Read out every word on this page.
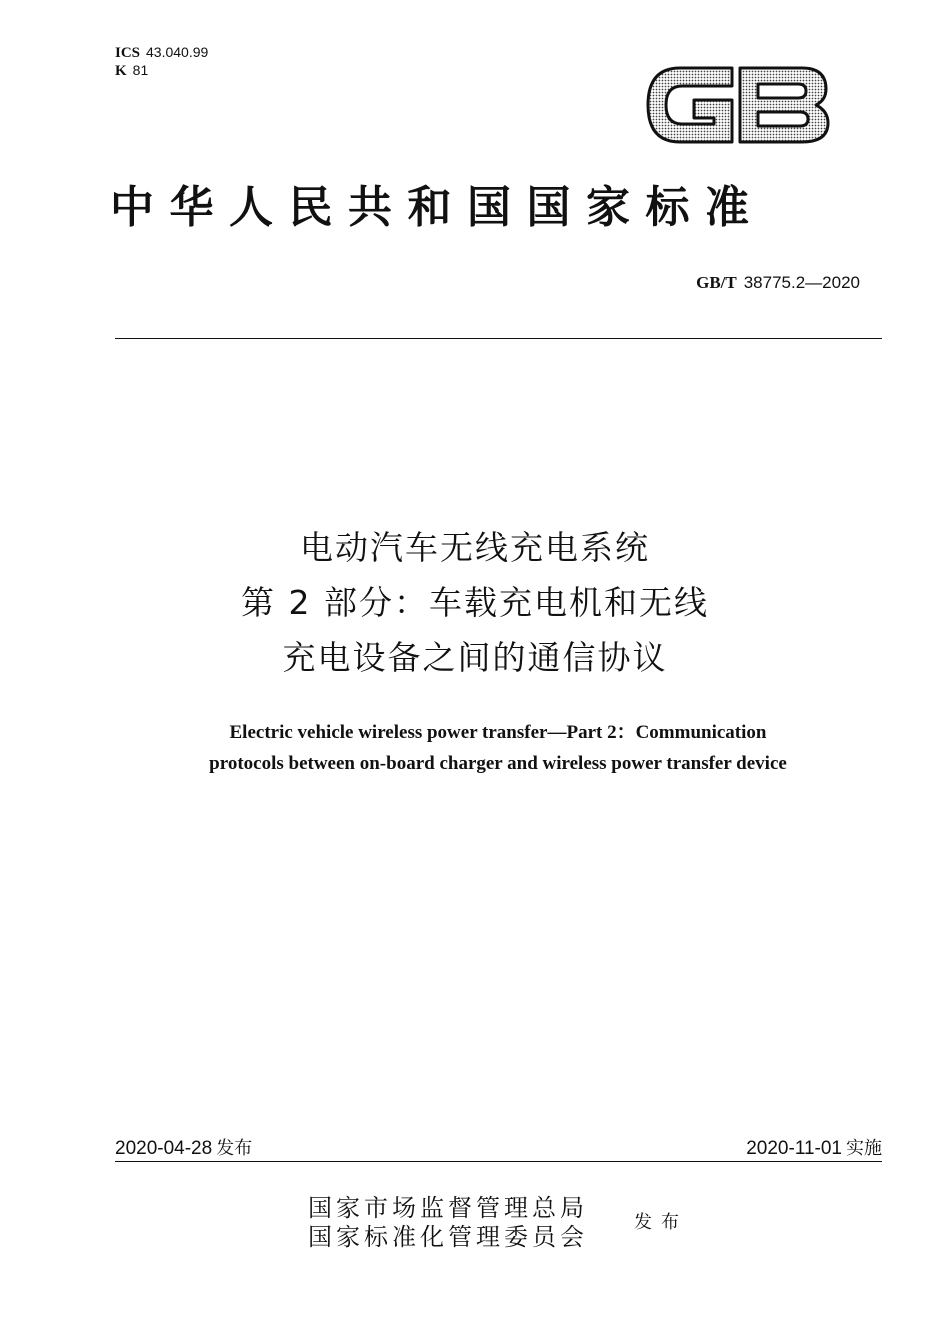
ICS 43.040.99
K 81
中华人民共和国国家标准
GB/T 38775.2—2020
电动汽车无线充电系统
第 2 部分：车载充电机和无线
充电设备之间的通信协议
Electric vehicle wireless power transfer—Part 2：Communication
protocols between on-board charger and wireless power transfer device
2020-04-28 发布	2020-11-01 实施
国家市场监督管理总局
国家标准化管理委员会
发布
